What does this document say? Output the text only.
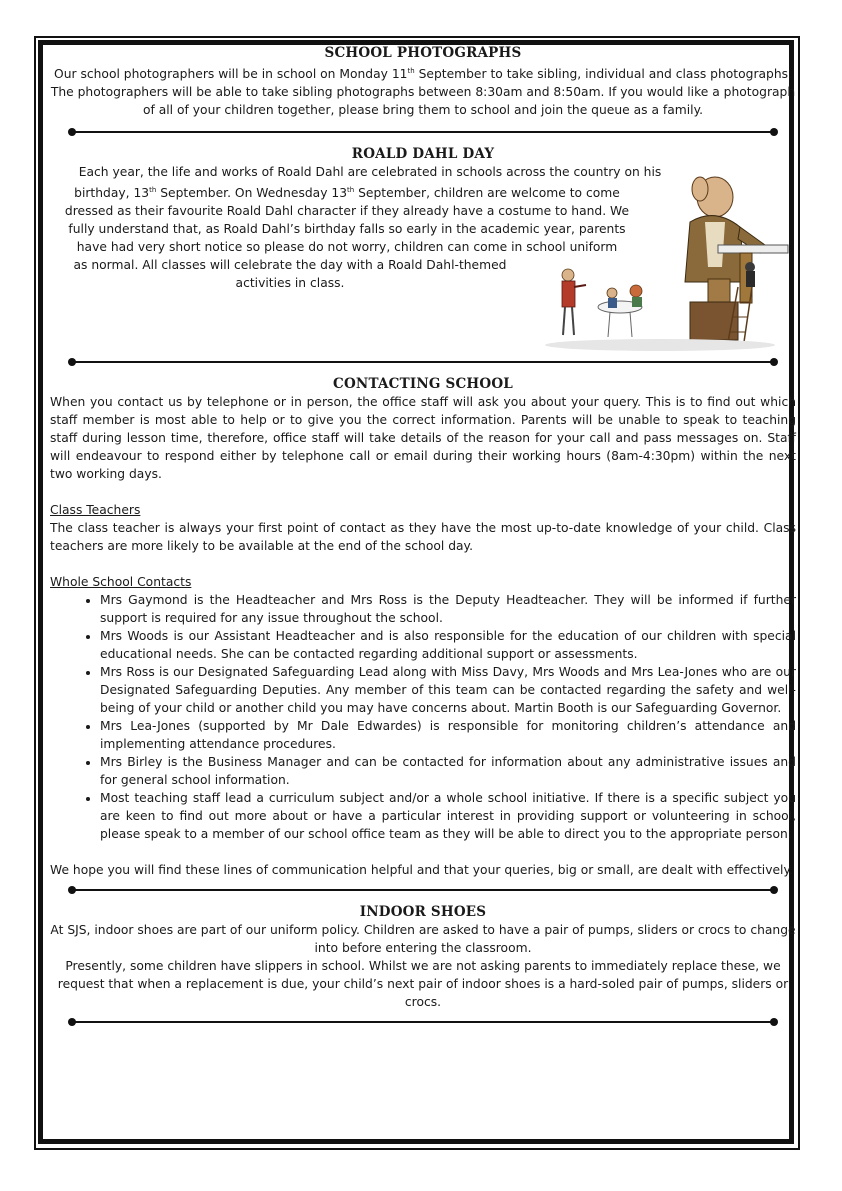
SCHOOL PHOTOGRAPHS

Our school photographers will be in school on Monday 11th September to take sibling, individual and class photographs. The photographers will be able to take sibling photographs between 8:30am and 8:50am. If you would like a photograph of all of your children together, please bring them to school and join the queue as a family.

ROALD DAHL DAY

Each year, the life and works of Roald Dahl are celebrated in schools across the country on his

birthday, 13th September. On Wednesday 13th September, children are welcome to come

dressed as their favourite Roald Dahl character if they already have a costume to hand. We

fully understand that, as Roald Dahl’s birthday falls so early in the academic year, parents

have had very short notice so please do not worry, children can come in school uniform

as normal. All classes will celebrate the day with a Roald Dahl-themed

activities in class.

CONTACTING SCHOOL

When you contact us by telephone or in person, the office staff will ask you about your query. This is to find out which staff member is most able to help or to give you the correct information. Parents will be unable to speak to teaching staff during lesson time, therefore, office staff will take details of the reason for your call and pass messages on. Staff will endeavour to respond either by telephone call or email during their working hours (8am-4:30pm) within the next two working days.

Class Teachers

The class teacher is always your first point of contact as they have the most up-to-date knowledge of your child. Class teachers are more likely to be available at the end of the school day.

Whole School Contacts

• Mrs Gaymond is the Headteacher and Mrs Ross is the Deputy Headteacher. They will be informed if further support is required for any issue throughout the school.
• Mrs Woods is our Assistant Headteacher and is also responsible for the education of our children with special educational needs. She can be contacted regarding additional support or assessments.
• Mrs Ross is our Designated Safeguarding Lead along with Miss Davy, Mrs Woods and Mrs Lea-Jones who are our Designated Safeguarding Deputies. Any member of this team can be contacted regarding the safety and well-being of your child or another child you may have concerns about. Martin Booth is our Safeguarding Governor.
• Mrs Lea-Jones (supported by Mr Dale Edwardes) is responsible for monitoring children’s attendance and implementing attendance procedures.
• Mrs Birley is the Business Manager and can be contacted for information about any administrative issues and for general school information.
• Most teaching staff lead a curriculum subject and/or a whole school initiative. If there is a specific subject you are keen to find out more about or have a particular interest in providing support or volunteering in school, please speak to a member of our school office team as they will be able to direct you to the appropriate person.

We hope you will find these lines of communication helpful and that your queries, big or small, are dealt with effectively.

INDOOR SHOES

At SJS, indoor shoes are part of our uniform policy. Children are asked to have a pair of pumps, sliders or crocs to change into before entering the classroom.

Presently, some children have slippers in school. Whilst we are not asking parents to immediately replace these, we request that when a replacement is due, your child’s next pair of indoor shoes is a hard-soled pair of pumps, sliders or crocs.
